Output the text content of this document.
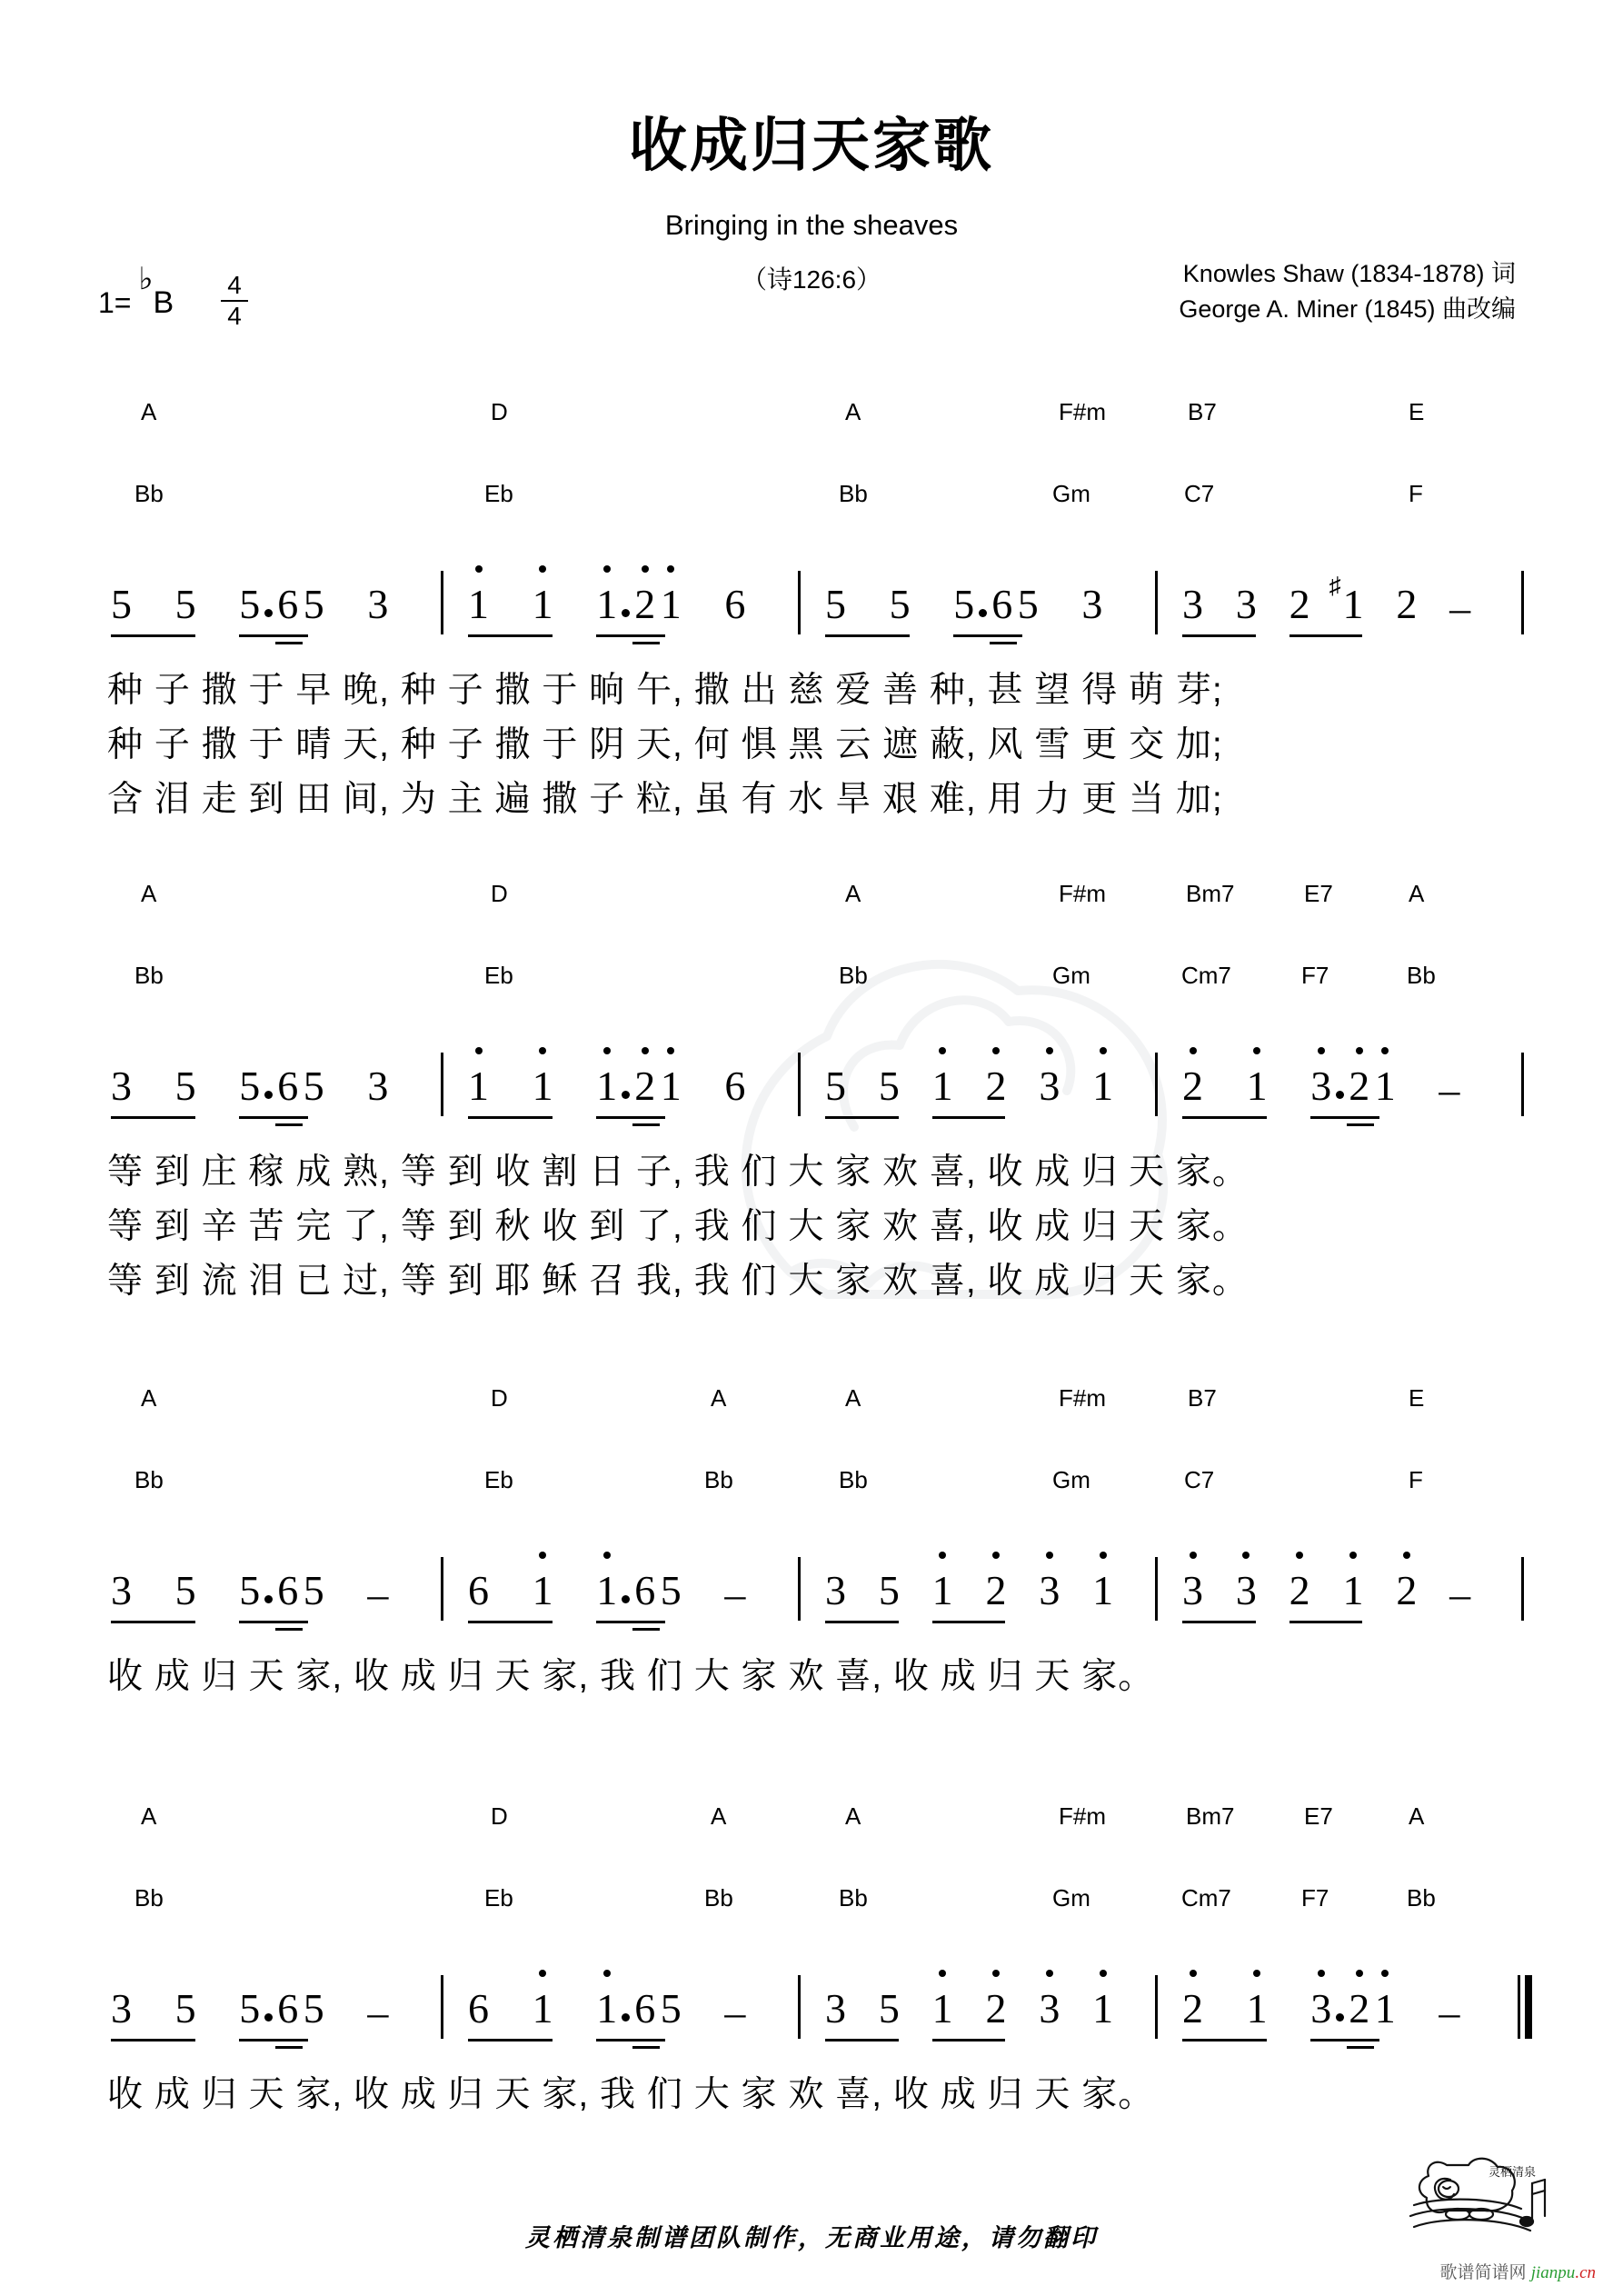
收成归天家歌
Bringing in the sheaves
（诗126:6）	Knowles Shaw (1834-1878) 词
George A. Miner (1845) 曲改编
1=
♭
B
4
4
A	D	A	F#m	B7	E
Bb	Eb	Bb	Gm	C7	F
5 5 5 6 5 3 1 1 1 2 1 6 5 5 5 6 5 3 3 3 2 1
♯ 2 –
种 子 撒 于 早 晚, 种 子 撒 于 晌 午, 撒 出 慈 爱 善 种, 甚 望 得 萌 芽;
种 子 撒 于 晴 天, 种 子 撒 于 阴 天, 何 惧 黑 云 遮 蔽, 风 雪 更 交 加;
含 泪 走 到 田 间, 为 主 遍 撒 子 粒, 虽 有 水 旱 艰 难, 用 力 更 当 加;
A	D	A	F#m	Bm7	E7	A
Bb	Eb	Bb	Gm	Cm7	F7	Bb
3 5 5 6 5 3 1 1 1 2 1 6 5 5 1 2 3 1 2 1 3 2 1 –
等 到 庄 稼 成 熟, 等 到 收 割 日 子, 我 们 大 家 欢 喜, 收 成 归 天 家。
等 到 辛 苦 完 了, 等 到 秋 收 到 了, 我 们 大 家 欢 喜, 收 成 归 天 家。
等 到 流 泪 已 过, 等 到 耶 稣 召 我, 我 们 大 家 欢 喜, 收 成 归 天 家。
A	D	A	A	F#m	B7	E
Bb	Eb	Bb	Bb	Gm	C7	F
3 5 5 6 5 – 6 1 1 6 5 – 3 5 1 2 3 1 3 3 2 1 2 –
收 成 归 天 家, 收 成 归 天 家, 我 们 大 家 欢 喜, 收 成 归 天 家。
A	D	A	A	F#m	Bm7	E7	A
Bb	Eb	Bb	Bb	Gm	Cm7	F7	Bb
3 5 5 6 5 – 6 1 1 6 5 – 3 5 1 2 3 1 2 1 3 2 1 –
收 成 归 天 家, 收 成 归 天 家, 我 们 大 家 欢 喜, 收 成 归 天 家。
灵栖清泉制谱团队制作，无商业用途，请勿翻印
灵栖清泉
歌谱简谱网 jianpu.cn
